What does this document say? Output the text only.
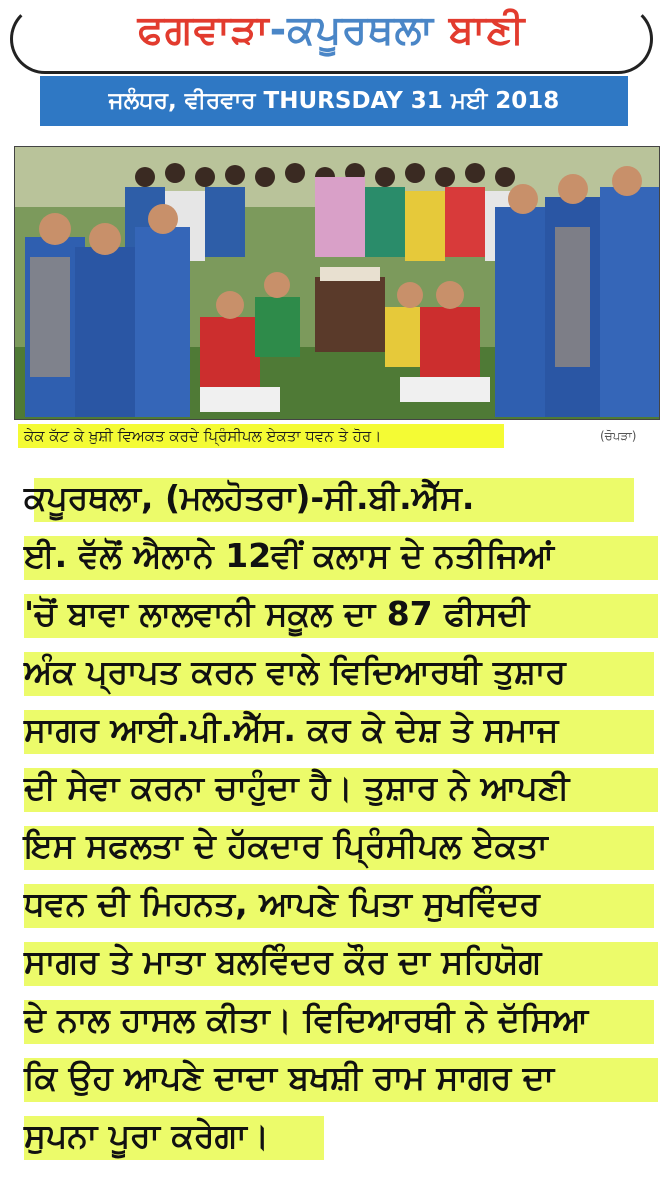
ਫਗਵਾੜਾ-ਕਪੂਰਥਲਾ ਬਾਣੀ
ਜਲੰਧਰ, ਵੀਰਵਾਰ THURSDAY 31 ਮਈ 2018
ਕੇਕ ਕੱਟ ਕੇ ਖ਼ੁਸ਼ੀ ਵਿਅਕਤ ਕਰਦੇ ਪ੍ਰਿੰਸੀਪਲ ਏਕਤਾ ਧਵਨ ਤੇ ਹੋਰ।	(ਚੋਪੜਾ)
ਕਪੂਰਥਲਾ, (ਮਲਹੋਤਰਾ)-ਸੀ.ਬੀ.ਐੱਸ.
ਈ. ਵੱਲੋਂ ਐਲਾਨੇ 12ਵੀਂ ਕਲਾਸ ਦੇ ਨਤੀਜਿਆਂ
'ਚੋਂ ਬਾਵਾ ਲਾਲਵਾਨੀ ਸਕੂਲ ਦਾ 87 ਫੀਸਦੀ
ਅੰਕ ਪ੍ਰਾਪਤ ਕਰਨ ਵਾਲੇ ਵਿਦਿਆਰਥੀ ਤੁਸ਼ਾਰ
ਸਾਗਰ ਆਈ.ਪੀ.ਐੱਸ. ਕਰ ਕੇ ਦੇਸ਼ ਤੇ ਸਮਾਜ
ਦੀ ਸੇਵਾ ਕਰਨਾ ਚਾਹੁੰਦਾ ਹੈ। ਤੁਸ਼ਾਰ ਨੇ ਆਪਣੀ
ਇਸ ਸਫਲਤਾ ਦੇ ਹੱਕਦਾਰ ਪ੍ਰਿੰਸੀਪਲ ਏਕਤਾ
ਧਵਨ ਦੀ ਮਿਹਨਤ, ਆਪਣੇ ਪਿਤਾ ਸੁਖਵਿੰਦਰ
ਸਾਗਰ ਤੇ ਮਾਤਾ ਬਲਵਿੰਦਰ ਕੌਰ ਦਾ ਸਹਿਯੋਗ
ਦੇ ਨਾਲ ਹਾਸਲ ਕੀਤਾ। ਵਿਦਿਆਰਥੀ ਨੇ ਦੱਸਿਆ
ਕਿ ਉਹ ਆਪਣੇ ਦਾਦਾ ਬਖਸ਼ੀ ਰਾਮ ਸਾਗਰ ਦਾ
ਸੁਪਨਾ ਪੂਰਾ ਕਰੇਗਾ।
